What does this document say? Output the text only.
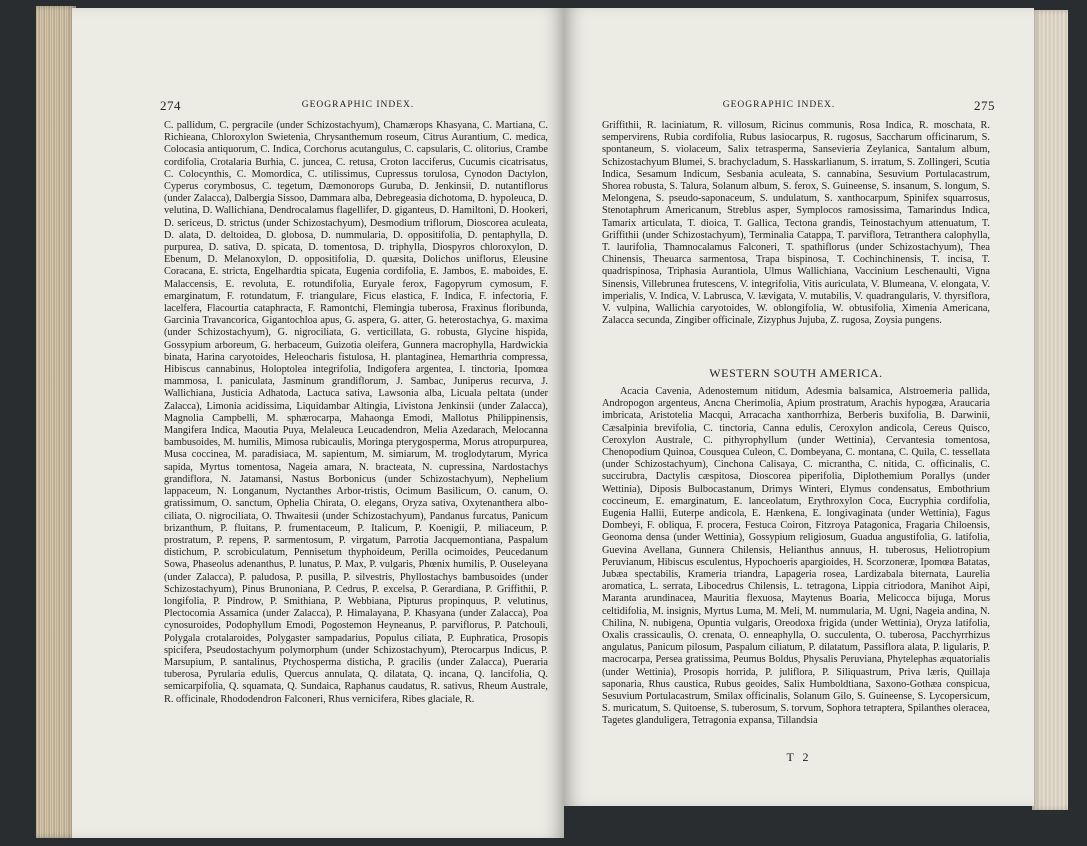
274	GEOGRAPHIC INDEX.
C. pallidum, C. pergracile (under Schizostachyum), Chamærops Khasyana, C. Martiana, C. Richieana, Chloroxylon Swietenia, Chrysanthemum roseum, Citrus Aurantium, C. medica, Colocasia antiquorum, C. Indica, Corchorus acutangulus, C. capsularis, C. olitorius, Crambe cordifolia, Crotalaria Burhia, C. juncea, C. retusa, Croton lacciferus, Cucumis cicatrisatus, C. Colocynthis, C. Momordica, C. utilissimus, Cupressus torulosa, Cynodon Dactylon, Cyperus corymbosus, C. tegetum, Dæmonorops Guruba, D. Jenkinsii, D. nutantiflorus (under Zalacca), Dalbergia Sissoo, Dammara alba, Debregeasia dichotoma, D. hypoleuca, D. velutina, D. Wallichiana, Dendrocalamus flagellifer, D. giganteus, D. Hamiltoni, D. Hookeri, D. sericeus, D. strictus (under Schizostachyum), Desmodium triflorum, Dioscorea aculeata, D. alata, D. deltoidea, D. globosa, D. nummularia, D. oppositifolia, D. pentaphylla, D. purpurea, D. sativa, D. spicata, D. tomentosa, D. triphylla, Diospyros chloroxylon, D. Ebenum, D. Melanoxylon, D. oppositifolia, D. quæsita, Dolichos uniflorus, Eleusine Coracana, E. stricta, Engelhardtia spicata, Eugenia cordifolia, E. Jambos, E. maboides, E. Malaccensis, E. revoluta, E. rotundifolia, Euryale ferox, Fagopyrum cymosum, F. emarginatum, F. rotundatum, F. triangulare, Ficus elastica, F. Indica, F. infectoria, F. lacelfera, Flacourtia cataphracta, F. Ramontchi, Flemingia tuberosa, Fraxinus floribunda, Garcinia Travancorica, Gigantochloa apus, G. aspera, G. atter, G. heterostachya, G. maxima (under Schizostachyum), G. nigrociliata, G. verticillata, G. robusta, Glycine hispida, Gossypium arboreum, G. herbaceum, Guizotia oleifera, Gunnera macrophylla, Hardwickia binata, Harina caryotoides, Heleocharis fistulosa, H. plantaginea, Hemarthria compressa, Hibiscus cannabinus, Holoptolea integrifolia, Indigofera argentea, I. tinctoria, Ipomœa mammosa, I. paniculata, Jasminum grandiflorum, J. Sambac, Juniperus recurva, J. Wallichiana, Justicia Adhatoda, Lactuca sativa, Lawsonia alba, Licuala peltata (under Zalacca), Limonia acidissima, Liquidambar Altingia, Livistona Jenkinsii (under Zalacca), Magnolia Campbelli, M. sphærocarpa, Mahaonga Emodi, Mallotus Philippinensis, Mangifera Indica, Maoutia Puya, Melaleuca Leucadendron, Melia Azedarach, Melocanna bambusoides, M. humilis, Mimosa rubicaulis, Moringa pterygosperma, Morus atropurpurea, Musa coccinea, M. paradisiaca, M. sapientum, M. simiarum, M. troglodytarum, Myrica sapida, Myrtus tomentosa, Nageia amara, N. bracteata, N. cupressina, Nardostachys grandiflora, N. Jatamansi, Nastus Borbonicus (under Schizostachyum), Nephelium lappaceum, N. Longanum, Nyctanthes Arbor-tristis, Ocimum Basilicum, O. canum, O. gratissimum, O. sanctum, Ophelia Chirata, O. elegans, Oryza sativa, Oxytenanthera albo-ciliata, O. nigrociliata, O. Thwaitesii (under Schizostachyum), Pandanus furcatus, Panicum brizanthum, P. fluitans, P. frumentaceum, P. Italicum, P. Koenigii, P. miliaceum, P. prostratum, P. repens, P. sarmentosum, P. virgatum, Parrotia Jacquemontiana, Paspalum distichum, P. scrobiculatum, Pennisetum thyphoideum, Perilla ocimoides, Peucedanum Sowa, Phaseolus adenanthus, P. lunatus, P. Max, P. vulgaris, Phœnix humilis, P. Ouseleyana (under Zalacca), P. paludosa, P. pusilla, P. silvestris, Phyllostachys bambusoides (under Schizostachyum), Pinus Brunoniana, P. Cedrus, P. excelsa, P. Gerardiana, P. Griffithii, P. longifolia, P. Pindrow, P. Smithiana, P. Webbiana, Pipturus propinquus, P. velutinus, Plectocomia Assamica (under Zalacca), P. Himalayana, P. Khasyana (under Zalacca), Poa cynosuroides, Podophyllum Emodi, Pogostemon Heyneanus, P. parviflorus, P. Patchouli, Polygala crotalaroides, Polygaster sampadarius, Populus ciliata, P. Euphratica, Prosopis spicifera, Pseudostachyum polymorphum (under Schizostachyum), Pterocarpus Indicus, P. Marsupium, P. santalinus, Ptychosperma disticha, P. gracilis (under Zalacca), Pueraria tuberosa, Pyrularia edulis, Quercus annulata, Q. dilatata, Q. incana, Q. lancifolia, Q. semicarpifolia, Q. squamata, Q. Sundaica, Raphanus caudatus, R. sativus, Rheum Australe, R. officinale, Rhododendron Falconeri, Rhus vernicifera, Ribes glaciale, R.
GEOGRAPHIC INDEX.	275
Griffithii, R. laciniatum, R. villosum, Ricinus communis, Rosa Indica, R. moschata, R. sempervirens, Rubia cordifolia, Rubus lasiocarpus, R. rugosus, Saccharum officinarum, S. spontaneum, S. violaceum, Salix tetrasperma, Sansevieria Zeylanica, Santalum album, Schizostachyum Blumei, S. brachycladum, S. Hasskarlianum, S. irratum, S. Zollingeri, Scutia Indica, Sesamum Indicum, Sesbania aculeata, S. cannabina, Sesuvium Portulacastrum, Shorea robusta, S. Talura, Solanum album, S. ferox, S. Guineense, S. insanum, S. longum, S. Melongena, S. pseudo-saponaceum, S. undulatum, S. xanthocarpum, Spinifex squarrosus, Stenotaphrum Americanum, Streblus asper, Symplocos ramosissima, Tamarindus Indica, Tamarix articulata, T. dioica, T. Gallica, Tectona grandis, Teinostachyum attenuatum, T. Griffithii (under Schizostachyum), Terminalia Catappa, T. parviflora, Tetranthera calophylla, T. laurifolia, Thamnocalamus Falconeri, T. spathiflorus (under Schizostachyum), Thea Chinensis, Theuarca sarmentosa, Trapa bispinosa, T. Cochinchinensis, T. incisa, T. quadrispinosa, Triphasia Aurantiola, Ulmus Wallichiana, Vaccinium Leschenaulti, Vigna Sinensis, Villebrunea frutescens, V. integrifolia, Vitis auriculata, V. Blumeana, V. elongata, V. imperialis, V. Indica, V. Labrusca, V. lævigata, V. mutabilis, V. quadrangularis, V. thyrsiflora, V. vulpina, Wallichia caryotoides, W. oblongifolia, W. obtusifolia, Ximenia Americana, Zalacca secunda, Zingiber officinale, Zizyphus Jujuba, Z. rugosa, Zoysia pungens.
WESTERN SOUTH AMERICA.
Acacia Cavenia, Adenostemum nitidum, Adesmia balsamica, Alstroemeria pallida, Andropogon argenteus, Ancna Cherimolia, Apium prostratum, Arachis hypogæa, Araucaria imbricata, Aristotelia Macqui, Arracacha xanthorrhiza, Berberis buxifolia, B. Darwinii, Cæsalpinia brevifolia, C. tinctoria, Canna edulis, Ceroxylon andicola, Cereus Quisco, Ceroxylon Australe, C. pithyrophyllum (under Wettinia), Cervantesia tomentosa, Chenopodium Quinoa, Cousquea Culeon, C. Dombeyana, C. montana, C. Quila, C. tessellata (under Schizostachyum), Cinchona Calisaya, C. micrantha, C. nitida, C. officinalis, C. succirubra, Dactylis cæspitosa, Dioscorea piperifolia, Diplothemium Porallys (under Wettinia), Diposis Bulbocastanum, Drimys Winteri, Elymus condensatus, Embothrium coccineum, E. emarginatum, E. lanceolatum, Erythroxylon Coca, Eucryphia cordifolia, Eugenia Hallii, Euterpe andicola, E. Hænkena, E. longivaginata (under Wettinia), Fagus Dombeyi, F. obliqua, F. procera, Festuca Coiron, Fitzroya Patagonica, Fragaria Chiloensis, Geonoma densa (under Wettinia), Gossypium religiosum, Guadua angustifolia, G. latifolia, Guevina Avellana, Gunnera Chilensis, Helianthus annuus, H. tuberosus, Heliotropium Peruvianum, Hibiscus esculentus, Hypochoeris apargioides, H. Scorzoneræ, Ipomœa Batatas, Jubæa spectabilis, Krameria triandra, Lapageria rosea, Lardizabala biternata, Laurelia aromatica, L. serrata, Libocedrus Chilensis, L. tetragona, Lippia citriodora, Manihot Aipi, Maranta arundinacea, Mauritia flexuosa, Maytenus Boaria, Melicocca bijuga, Morus celtidifolia, M. insignis, Myrtus Luma, M. Meli, M. nummularia, M. Ugni, Nageia andina, N. Chilina, N. nubigena, Opuntia vulgaris, Oreodoxa frigida (under Wettinia), Oryza latifolia, Oxalis crassicaulis, O. crenata, O. enneaphylla, O. succulenta, O. tuberosa, Pacchyrrhizus angulatus, Panicum pilosum, Paspalum ciliatum, P. dilatatum, Passiflora alata, P. ligularis, P. macrocarpa, Persea gratissima, Peumus Boldus, Physalis Peruviana, Phytelephas æquatorialis (under Wettinia), Prosopis horrida, P. juliflora, P. Siliquastrum, Priva læris, Quillaja saponaria, Rhus caustica, Rubus geoides, Salix Humboldtiana, Saxono-Gothæa conspicua, Sesuvium Portulacastrum, Smilax officinalis, Solanum Gilo, S. Guineense, S. Lycopersicum, S. muricatum, S. Quitoense, S. tuberosum, S. torvum, Sophora tetraptera, Spilanthes oleracea, Tagetes glanduligera, Tetragonia expansa, Tillandsia
T 2
